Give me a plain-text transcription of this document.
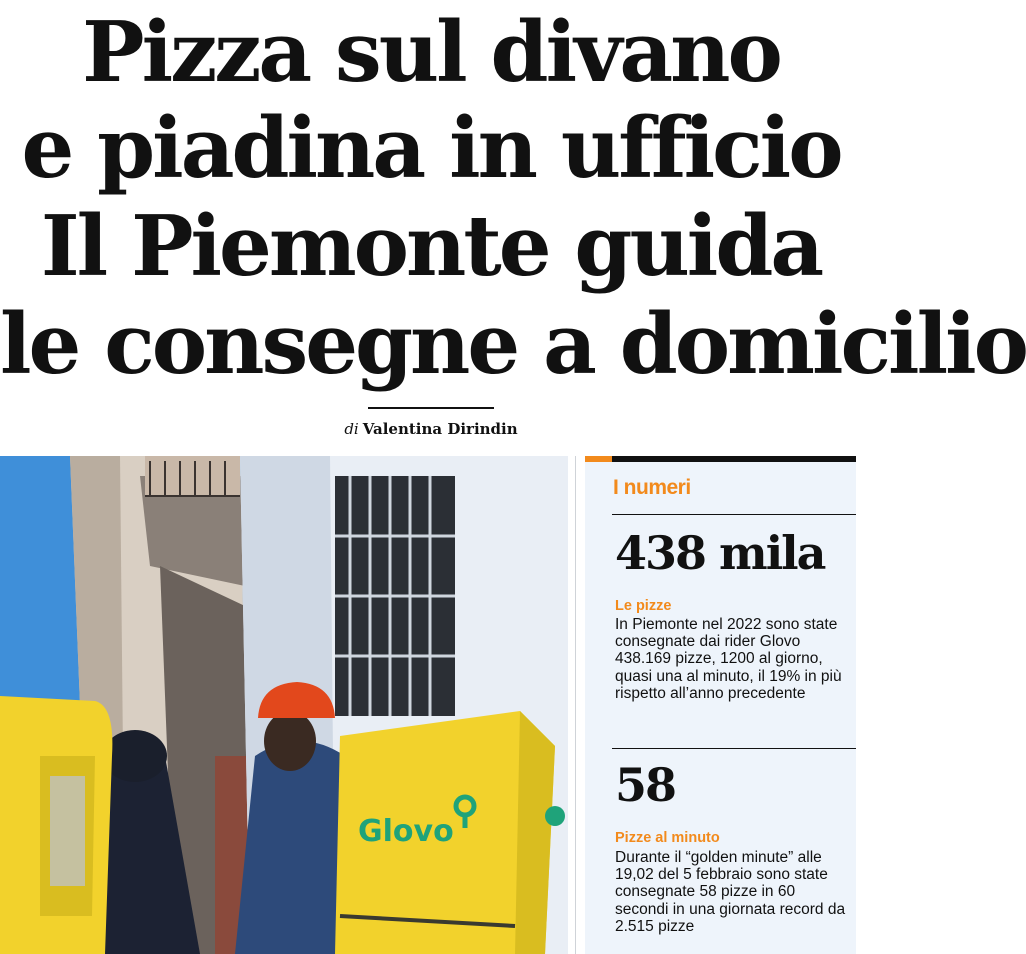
Pizza sul divano
e piadina in ufficio
Il Piemonte guida
le consegne a domicilio
di Valentina Dirindin
Glovo
I numeri
438 mila
Le pizze
In Piemonte nel 2022 sono state consegnate dai rider Glovo 438.169 pizze, 1200 al giorno, quasi una al minuto, il 19% in più rispetto all’anno precedente
58
Pizze al minuto
Durante il “golden minute” alle 19,02 del 5 febbraio sono state consegnate 58 pizze in 60 secondi in una giornata record da 2.515 pizze
